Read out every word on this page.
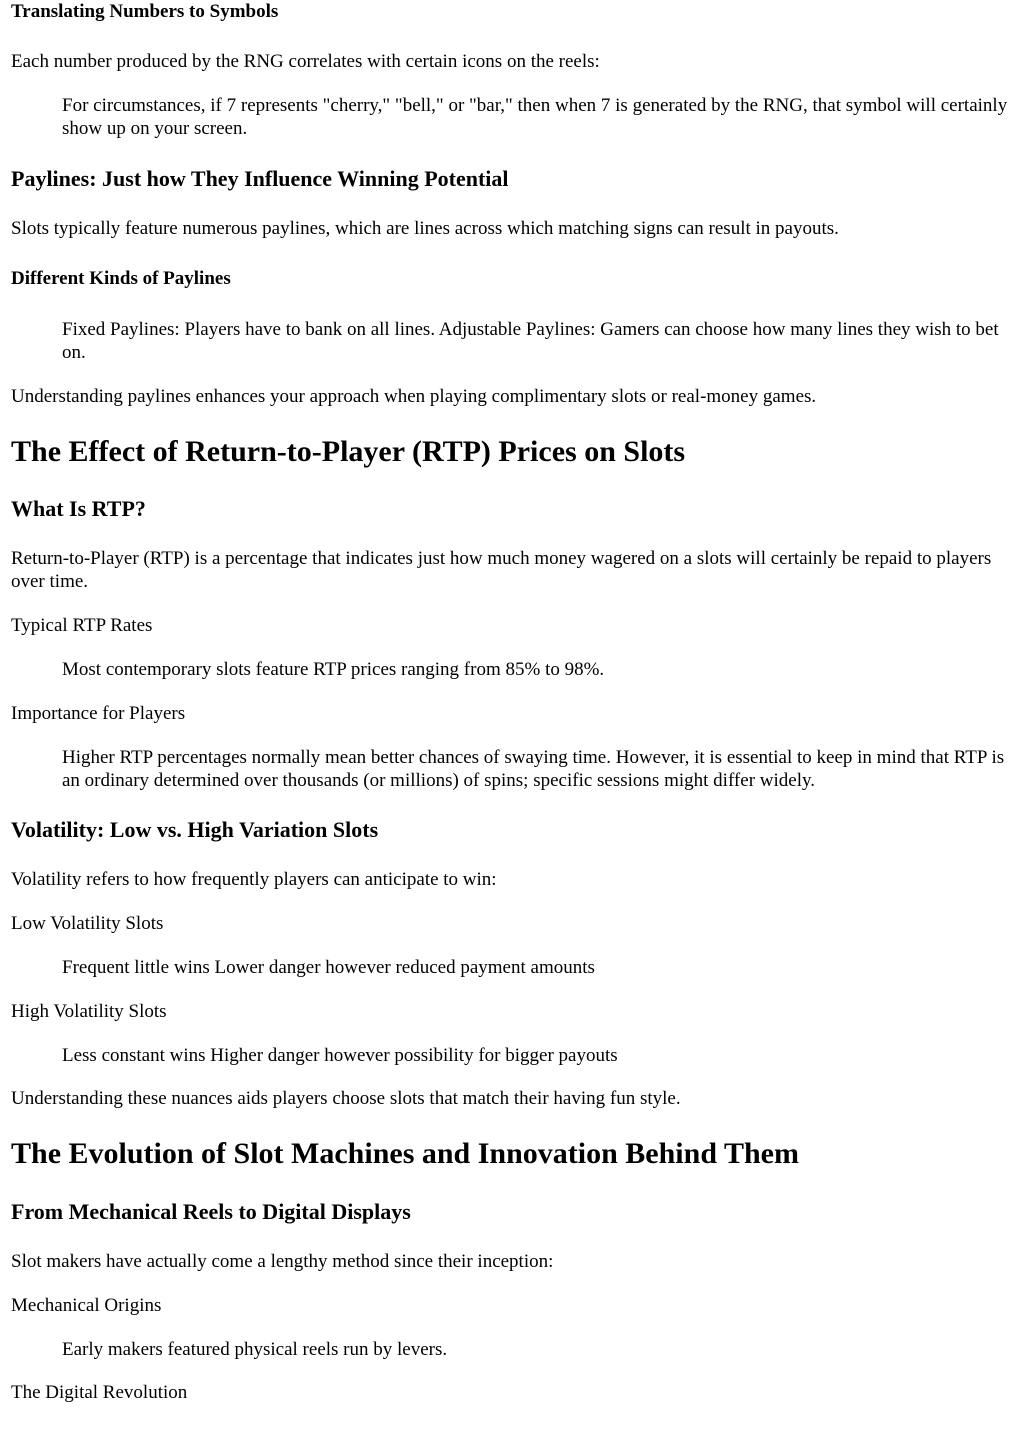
Translating Numbers to Symbols

Each number produced by the RNG correlates with certain icons on the reels:

For circumstances, if 7 represents "cherry," "bell," or "bar," then when 7 is generated by the RNG, that symbol will certainly show up on your screen.
Paylines: Just how They Influence Winning Potential

Slots typically feature numerous paylines, which are lines across which matching signs can result in payouts.

Different Kinds of Paylines
Fixed Paylines: Players have to bank on all lines. Adjustable Paylines: Gamers can choose how many lines they wish to bet on.

Understanding paylines enhances your approach when playing complimentary slots or real-money games.

The Effect of Return-to-Player (RTP) Prices on Slots
What Is RTP?

Return-to-Player (RTP) is a percentage that indicates just how much money wagered on a slots will certainly be repaid to players over time.

Typical RTP Rates

Most contemporary slots feature RTP prices ranging from 85% to 98%.

Importance for Players

Higher RTP percentages normally mean better chances of swaying time. However, it is essential to keep in mind that RTP is an ordinary determined over thousands (or millions) of spins; specific sessions might differ widely.
Volatility: Low vs. High Variation Slots

Volatility refers to how frequently players can anticipate to win:

Low Volatility Slots

Frequent little wins Lower danger however reduced payment amounts

High Volatility Slots

Less constant wins Higher danger however possibility for bigger payouts

Understanding these nuances aids players choose slots that match their having fun style.

The Evolution of Slot Machines and Innovation Behind Them
From Mechanical Reels to Digital Displays

Slot makers have actually come a lengthy method since their inception:

Mechanical Origins

Early makers featured physical reels run by levers.

The Digital Revolution
